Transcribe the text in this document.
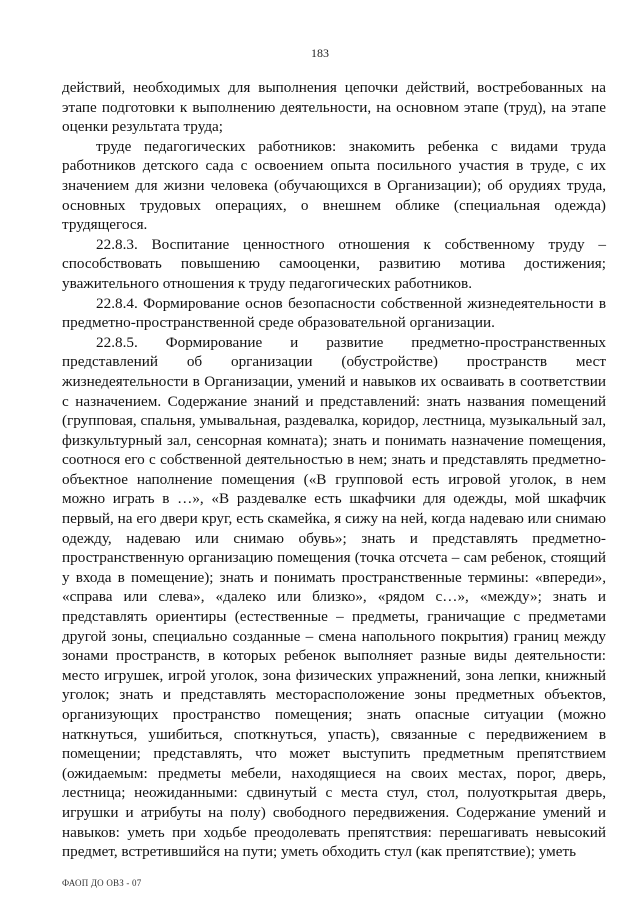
183

действий, необходимых для выполнения цепочки действий, востребованных на этапе подготовки к выполнению деятельности, на основном этапе (труд), на этапе оценки результата труда;

труде педагогических работников: знакомить ребенка с видами труда работников детского сада с освоением опыта посильного участия в труде, с их значением для жизни человека (обучающихся в Организации); об орудиях труда, основных трудовых операциях, о внешнем облике (специальная одежда) трудящегося.

22.8.3. Воспитание ценностного отношения к собственному труду – способствовать повышению самооценки, развитию мотива достижения; уважительного отношения к труду педагогических работников.

22.8.4. Формирование основ безопасности собственной жизнедеятельности в предметно-пространственной среде образовательной организации.

22.8.5. Формирование и развитие предметно-пространственных представлений об организации (обустройстве) пространств мест жизнедеятельности в Организации, умений и навыков их осваивать в соответствии с назначением. Содержание знаний и представлений: знать названия помещений (групповая, спальня, умывальная, раздевалка, коридор, лестница, музыкальный зал, физкультурный зал, сенсорная комната); знать и понимать назначение помещения, соотнося его с собственной деятельностью в нем; знать и представлять предметно-объектное наполнение помещения («В групповой есть игровой уголок, в нем можно играть в …», «В раздевалке есть шкафчики для одежды, мой шкафчик первый, на его двери круг, есть скамейка, я сижу на ней, когда надеваю или снимаю одежду, надеваю или снимаю обувь»; знать и представлять предметно-пространственную организацию помещения (точка отсчета – сам ребенок, стоящий у входа в помещение); знать и понимать пространственные термины: «впереди», «справа или слева», «далеко или близко», «рядом с…», «между»; знать и представлять ориентиры (естественные – предметы, граничащие с предметами другой зоны, специально созданные – смена напольного покрытия) границ между зонами пространств, в которых ребенок выполняет разные виды деятельности: место игрушек, игрой уголок, зона физических упражнений, зона лепки, книжный уголок; знать и представлять месторасположение зоны предметных объектов, организующих пространство помещения; знать опасные ситуации (можно наткнуться, ушибиться, споткнуться, упасть), связанные с передвижением в помещении; представлять, что может выступить предметным препятствием (ожидаемым: предметы мебели, находящиеся на своих местах, порог, дверь, лестница; неожиданными: сдвинутый с места стул, стол, полуоткрытая дверь, игрушки и атрибуты на полу) свободного передвижения. Содержание умений и навыков: уметь при ходьбе преодолевать препятствия: перешагивать невысокий предмет, встретившийся на пути; уметь обходить стул (как препятствие); уметь

ФАОП ДО ОВЗ - 07
